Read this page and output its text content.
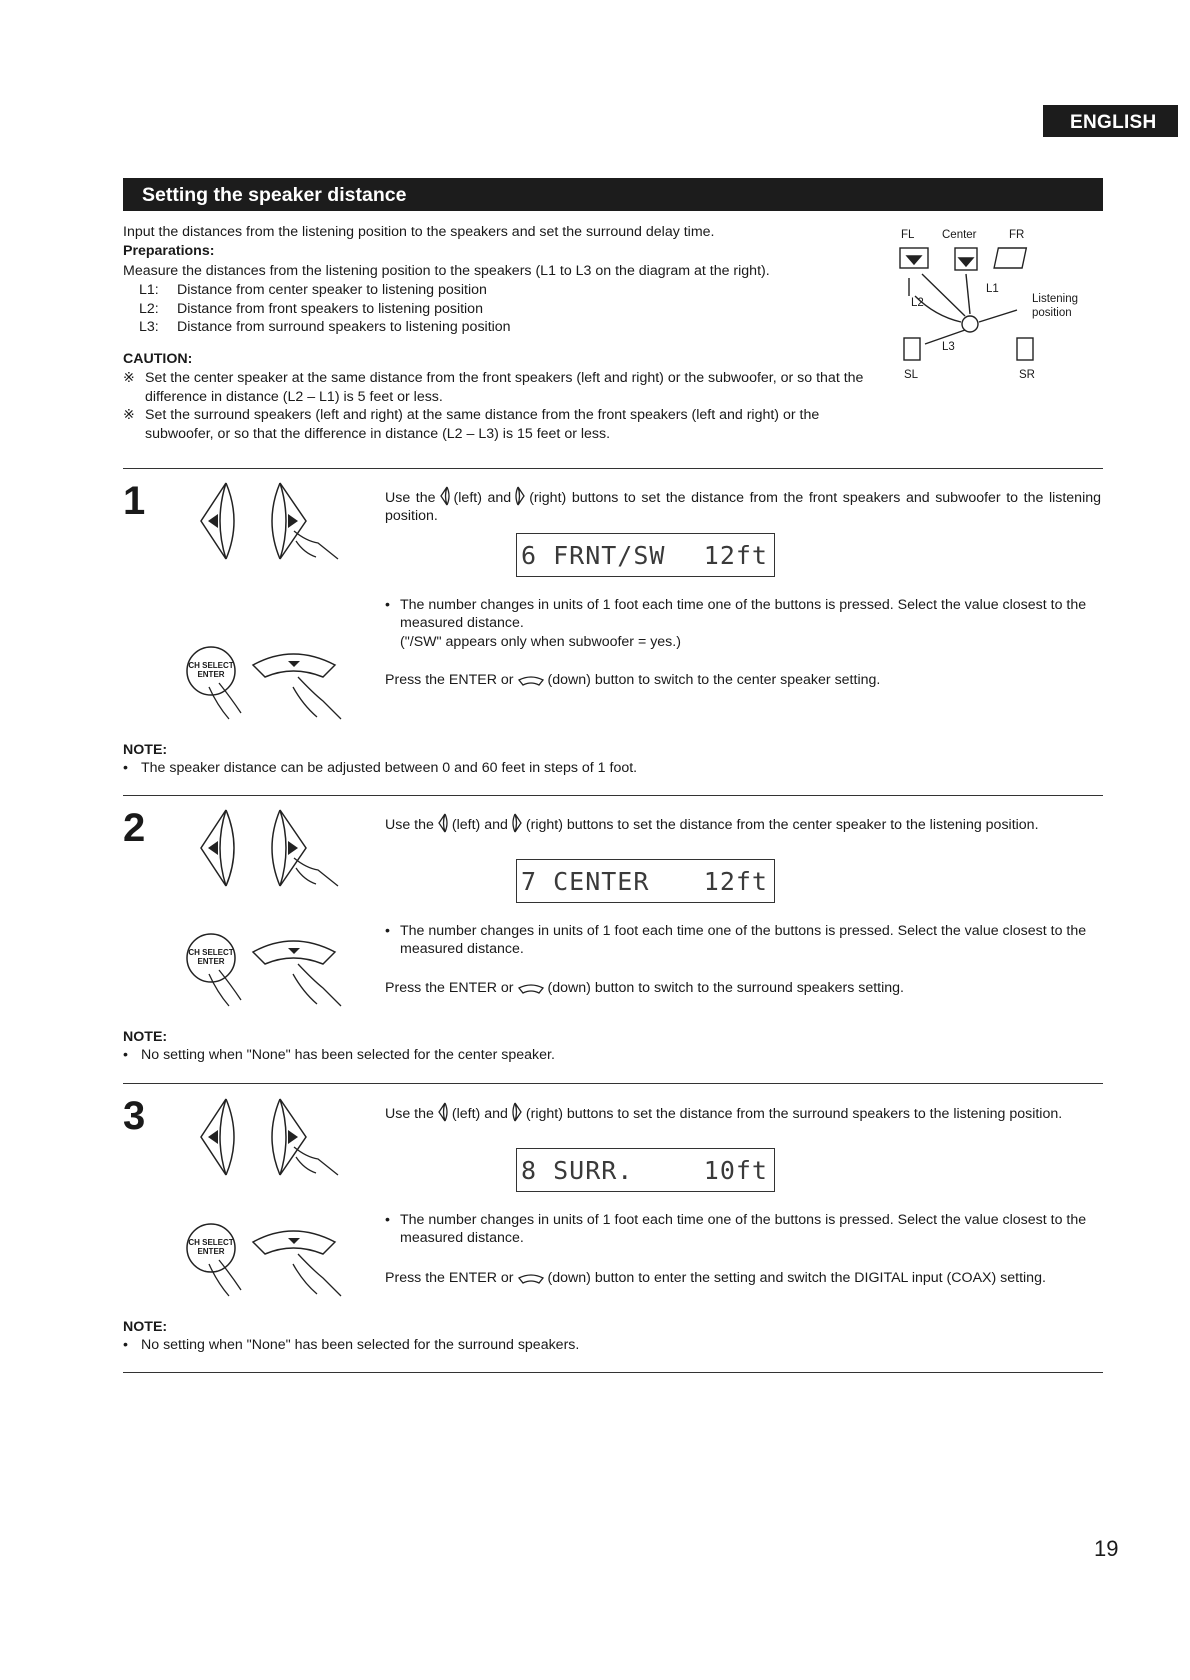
ENGLISH
Setting the speaker distance

Input the distances from the listening position to the speakers and set the surround delay time.

Preparations:

Measure the distances from the listening position to the speakers (L1 to L3 on the diagram at the right).

L1:	Distance from center speaker to listening position
L2:	Distance from front speakers to listening position
L3:	Distance from surround speakers to listening position

CAUTION:

※ Set the center speaker at the same distance from the front speakers (left and right) or the subwoofer, or so that the difference in distance (L2 – L1) is 5 feet or less.
※ Set the surround speakers (left and right) at the same distance from the front speakers (left and right) or the subwoofer, or so that the difference in distance (L2 – L3) is 15 feet or less.
FL Center	FR
L1
L2
L3
Listening
position
SL	SR
1	Use the (left) and (right) buttons to set the distance from the front speakers and subwoofer to the listening position.
6 FRNT/SW 12ft
• The number changes in units of 1 foot each time one of the buttons is pressed. Select the value closest to the measured distance.
("/SW" appears only when subwoofer = yes.)
CH SELECT
ENTER	Press the ENTER or (down) button to switch to the center speaker setting.

NOTE:

• The speaker distance can be adjusted between 0 and 60 feet in steps of 1 foot.
2	Use the (left) and (right) buttons to set the distance from the center speaker to the listening position.
7 CENTER 12ft
• The number changes in units of 1 foot each time one of the buttons is pressed. Select the value closest to the measured distance.
CH SELECT
ENTER
Press the ENTER or (down) button to switch to the surround speakers setting.

NOTE:

• No setting when "None" has been selected for the center speaker.
3	Use the (left) and (right) buttons to set the distance from the surround speakers to the listening position.
8 SURR.	10ft
• The number changes in units of 1 foot each time one of the buttons is pressed. Select the value closest to the measured distance.
CH SELECT
ENTER
Press the ENTER or (down) button to enter the setting and switch the DIGITAL input (COAX) setting.

NOTE:

• No setting when "None" has been selected for the surround speakers.
19
